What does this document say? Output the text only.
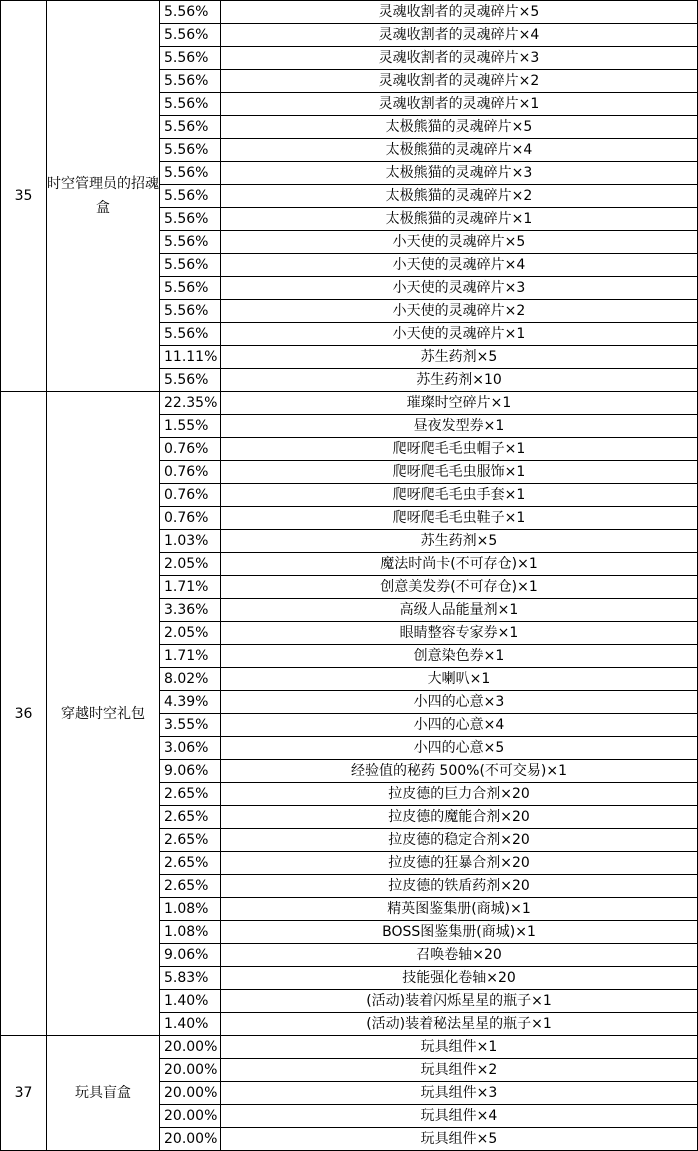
35	时空管理员的招魂盒	5.56%	灵魂收割者的灵魂碎片×5
		5.56%	灵魂收割者的灵魂碎片×4
		5.56%	灵魂收割者的灵魂碎片×3
		5.56%	灵魂收割者的灵魂碎片×2
		5.56%	灵魂收割者的灵魂碎片×1
		5.56%	太极熊猫的灵魂碎片×5
		5.56%	太极熊猫的灵魂碎片×4
		5.56%	太极熊猫的灵魂碎片×3
		5.56%	太极熊猫的灵魂碎片×2
		5.56%	太极熊猫的灵魂碎片×1
		5.56%	小天使的灵魂碎片×5
		5.56%	小天使的灵魂碎片×4
		5.56%	小天使的灵魂碎片×3
		5.56%	小天使的灵魂碎片×2
		5.56%	小天使的灵魂碎片×1
		11.11%	苏生药剂×5
		5.56%	苏生药剂×10
36	穿越时空礼包	22.35%	璀璨时空碎片×1
		1.55%	昼夜发型券×1
		0.76%	爬呀爬毛毛虫帽子×1
		0.76%	爬呀爬毛毛虫服饰×1
		0.76%	爬呀爬毛毛虫手套×1
		0.76%	爬呀爬毛毛虫鞋子×1
		1.03%	苏生药剂×5
		2.05%	魔法时尚卡(不可存仓)×1
		1.71%	创意美发券(不可存仓)×1
		3.36%	高级人品能量剂×1
		2.05%	眼睛整容专家券×1
		1.71%	创意染色券×1
		8.02%	大喇叭×1
		4.39%	小四的心意×3
		3.55%	小四的心意×4
		3.06%	小四的心意×5
		9.06%	经验值的秘药 500%(不可交易)×1
		2.65%	拉皮德的巨力合剂×20
		2.65%	拉皮德的魔能合剂×20
		2.65%	拉皮德的稳定合剂×20
		2.65%	拉皮德的狂暴合剂×20
		2.65%	拉皮德的铁盾药剂×20
		1.08%	精英图鉴集册(商城)×1
		1.08%	BOSS图鉴集册(商城)×1
		9.06%	召唤卷轴×20
		5.83%	技能强化卷轴×20
		1.40%	(活动)装着闪烁星星的瓶子×1
		1.40%	(活动)装着秘法星星的瓶子×1
37	玩具盲盒	20.00%	玩具组件×1
		20.00%	玩具组件×2
		20.00%	玩具组件×3
		20.00%	玩具组件×4
		20.00%	玩具组件×5
